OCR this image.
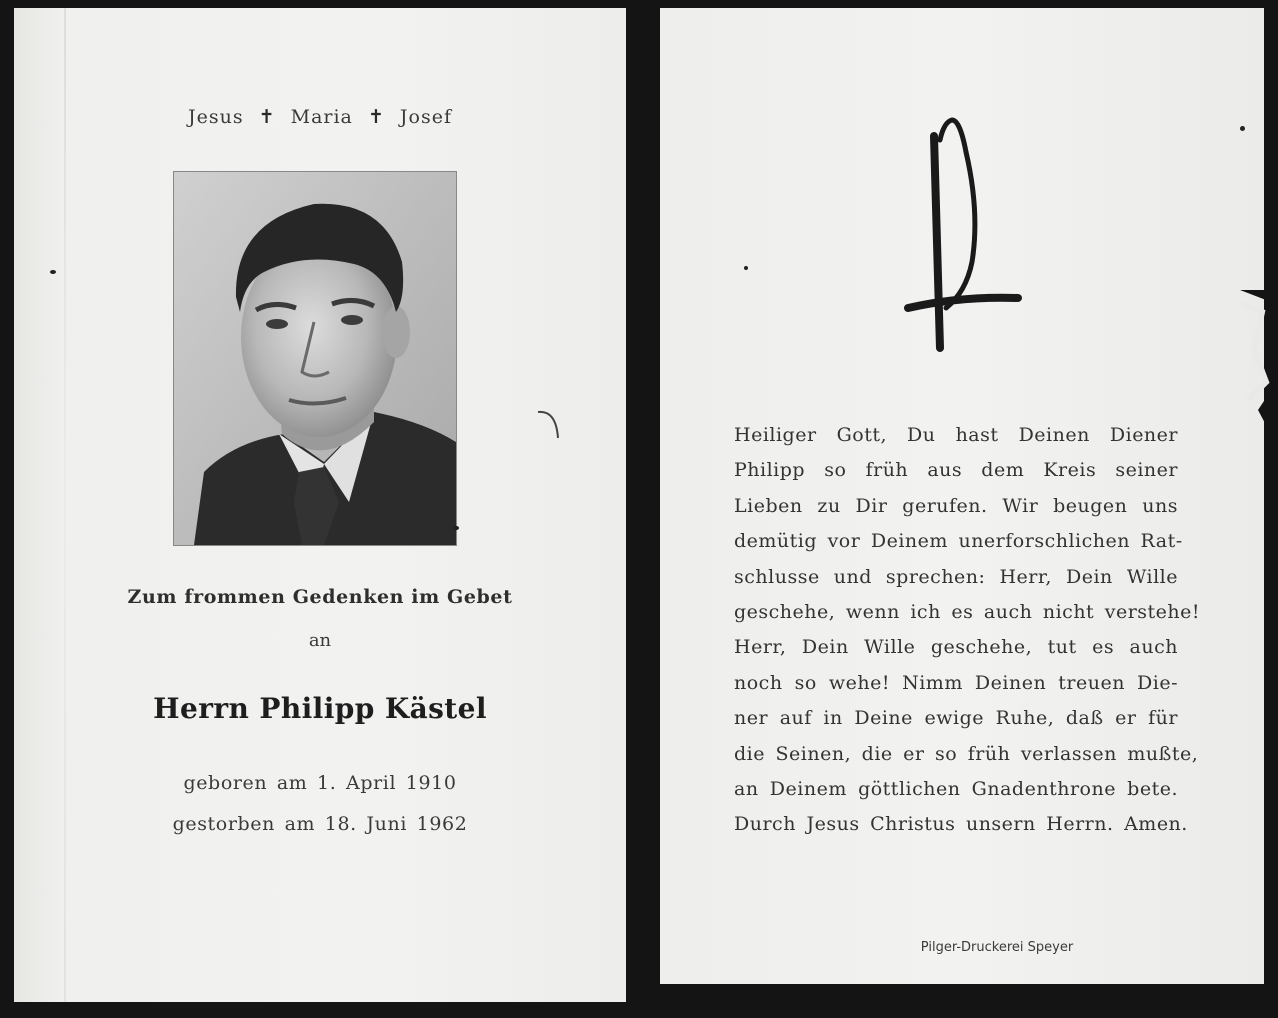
Jesus ✝ Maria ✝ Josef
Zum frommen Gedenken im Gebet
an
Herrn Philipp Kästel
geboren am 1. April 1910
gestorben am 18. Juni 1962
Heiliger Gott, Du hast Deinen Diener
Philipp so früh aus dem Kreis seiner
Lieben zu Dir gerufen. Wir beugen uns
demütig vor Deinem unerforschlichen Rat-
schlusse und sprechen: Herr, Dein Wille
geschehe, wenn ich es auch nicht verstehe!
Herr, Dein Wille geschehe, tut es auch
noch so wehe! Nimm Deinen treuen Die-
ner auf in Deine ewige Ruhe, daß er für
die Seinen, die er so früh verlassen mußte,
an Deinem göttlichen Gnadenthrone bete.
Durch Jesus Christus unsern Herrn. Amen.
Pilger-Druckerei Speyer
